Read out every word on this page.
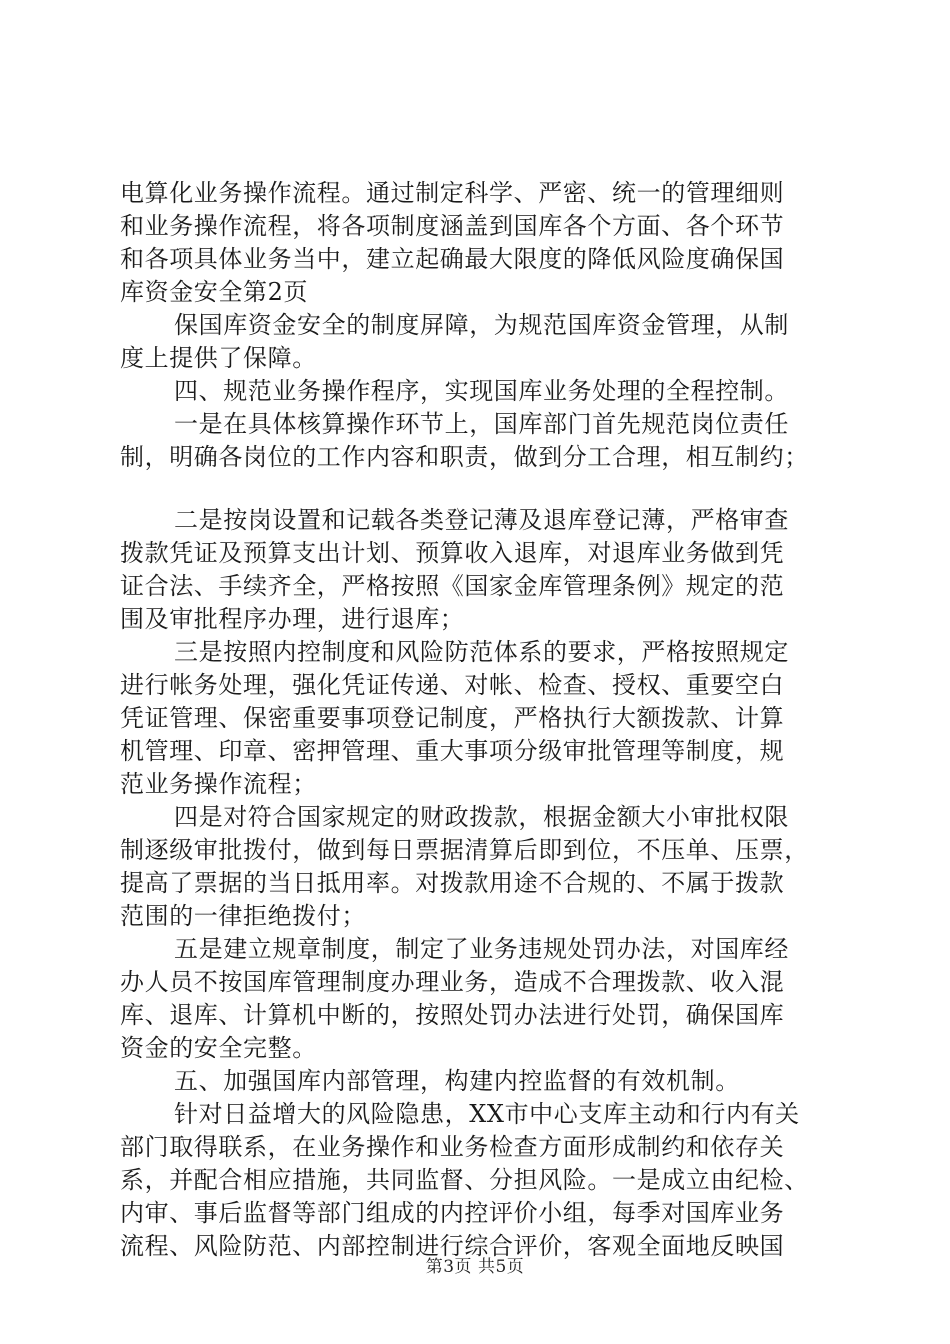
电算化业务操作流程。通过制定科学、严密、统一的管理细则
和业务操作流程，将各项制度涵盖到国库各个方面、各个环节
和各项具体业务当中，建立起确最大限度的降低风险度确保国
库资金安全第2页
保国库资金安全的制度屏障，为规范国库资金管理，从制
度上提供了保障。
四、规范业务操作程序，实现国库业务处理的全程控制。
一是在具体核算操作环节上，国库部门首先规范岗位责任
制，明确各岗位的工作内容和职责，做到分工合理，相互制约；
二是按岗设置和记载各类登记薄及退库登记薄，严格审查
拨款凭证及预算支出计划、预算收入退库，对退库业务做到凭
证合法、手续齐全，严格按照《国家金库管理条例》规定的范
围及审批程序办理，进行退库；
三是按照内控制度和风险防范体系的要求，严格按照规定
进行帐务处理，强化凭证传递、对帐、检查、授权、重要空白
凭证管理、保密重要事项登记制度，严格执行大额拨款、计算
机管理、印章、密押管理、重大事项分级审批管理等制度，规
范业务操作流程；
四是对符合国家规定的财政拨款，根据金额大小审批权限
制逐级审批拨付，做到每日票据清算后即到位，不压单、压票，
提高了票据的当日抵用率。对拨款用途不合规的、不属于拨款
范围的一律拒绝拨付；
五是建立规章制度，制定了业务违规处罚办法，对国库经
办人员不按国库管理制度办理业务，造成不合理拨款、收入混
库、退库、计算机中断的，按照处罚办法进行处罚，确保国库
资金的安全完整。
五、加强国库内部管理，构建内控监督的有效机制。
针对日益增大的风险隐患，XX市中心支库主动和行内有关
部门取得联系，在业务操作和业务检查方面形成制约和依存关
系，并配合相应措施，共同监督、分担风险。一是成立由纪检、
内审、事后监督等部门组成的内控评价小组，每季对国库业务
流程、风险防范、内部控制进行综合评价，客观全面地反映国
第3页 共5页
